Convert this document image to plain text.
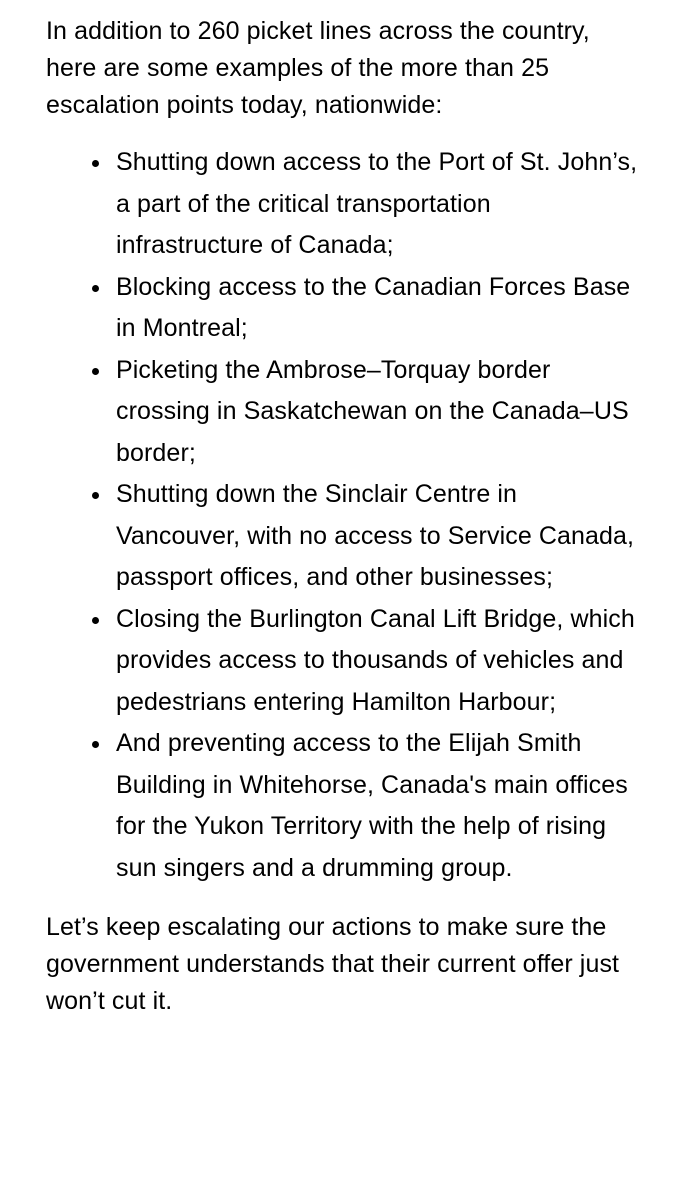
In addition to 260 picket lines across the country, here are some examples of the more than 25 escalation points today, nationwide:

Shutting down access to the Port of St. John’s, a part of the critical transportation infrastructure of Canada;
Blocking access to the Canadian Forces Base in Montreal;
Picketing the Ambrose–Torquay border crossing in Saskatchewan on the Canada–US border;
Shutting down the Sinclair Centre in Vancouver, with no access to Service Canada, passport offices, and other businesses;
Closing the Burlington Canal Lift Bridge, which provides access to thousands of vehicles and pedestrians entering Hamilton Harbour;
And preventing access to the Elijah Smith Building in Whitehorse, Canada's main offices for the Yukon Territory with the help of rising sun singers and a drumming group.

Let’s keep escalating our actions to make sure the government understands that their current offer just won’t cut it.
